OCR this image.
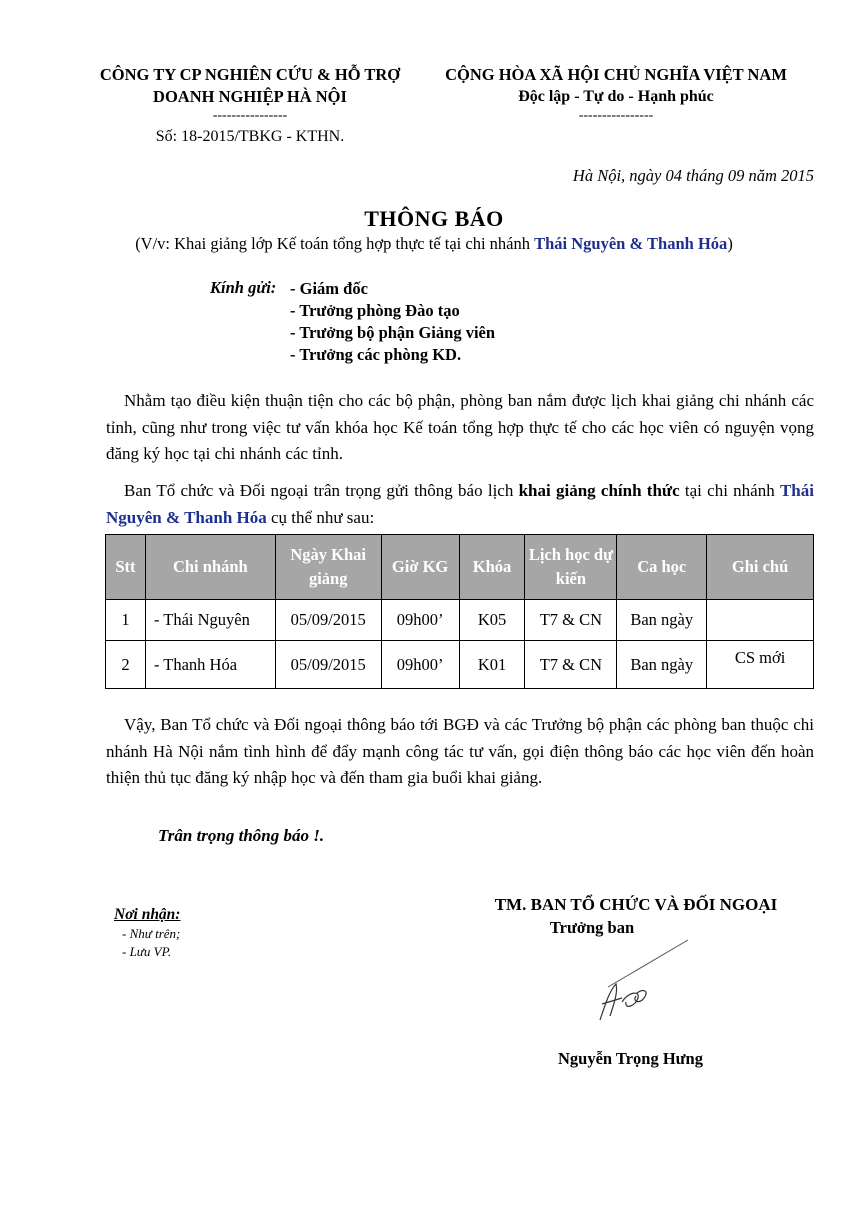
CÔNG TY CP NGHIÊN CỨU & HỖ TRỢ
DOANH NGHIỆP HÀ NỘI
----------------
Số: 18-2015/TBKG - KTHN.
CỘNG HÒA XÃ HỘI CHỦ NGHĨA VIỆT NAM
Độc lập - Tự do - Hạnh phúc
----------------
Hà Nội, ngày 04 tháng 09 năm 2015
THÔNG BÁO
(V/v: Khai giảng lớp Kế toán tổng hợp thực tế tại chi nhánh Thái Nguyên & Thanh Hóa)
Kính gửi: - Giám đốc
- Trưởng phòng Đào tạo
- Trưởng bộ phận Giảng viên
- Trưởng các phòng KD.
Nhằm tạo điều kiện thuận tiện cho các bộ phận, phòng ban nắm được lịch khai giảng chi nhánh các tỉnh, cũng như trong việc tư vấn khóa học Kế toán tổng hợp thực tế cho các học viên có nguyện vọng đăng ký học tại chi nhánh các tỉnh.
Ban Tổ chức và Đối ngoại trân trọng gửi thông báo lịch khai giảng chính thức tại chi nhánh Thái Nguyên & Thanh Hóa cụ thể như sau:
Stt	Chi nhánh	Ngày Khai giảng	Giờ KG	Khóa	Lịch học dự kiến	Ca học	Ghi chú
1	- Thái Nguyên	05/09/2015	09h00’	K05	T7 & CN	Ban ngày	
2	- Thanh Hóa	05/09/2015	09h00’	K01	T7 & CN	Ban ngày	CS mới
Vậy, Ban Tổ chức và Đối ngoại thông báo tới BGĐ và các Trưởng bộ phận các phòng ban thuộc chi nhánh Hà Nội nắm tình hình để đẩy mạnh công tác tư vấn, gọi điện thông báo các học viên đến hoàn thiện thủ tục đăng ký nhập học và đến tham gia buổi khai giảng.
Trân trọng thông báo !.
Nơi nhận:
- Như trên;
- Lưu VP.
TM. BAN TỔ CHỨC VÀ ĐỐI NGOẠI
Trưởng ban
Nguyễn Trọng Hưng
